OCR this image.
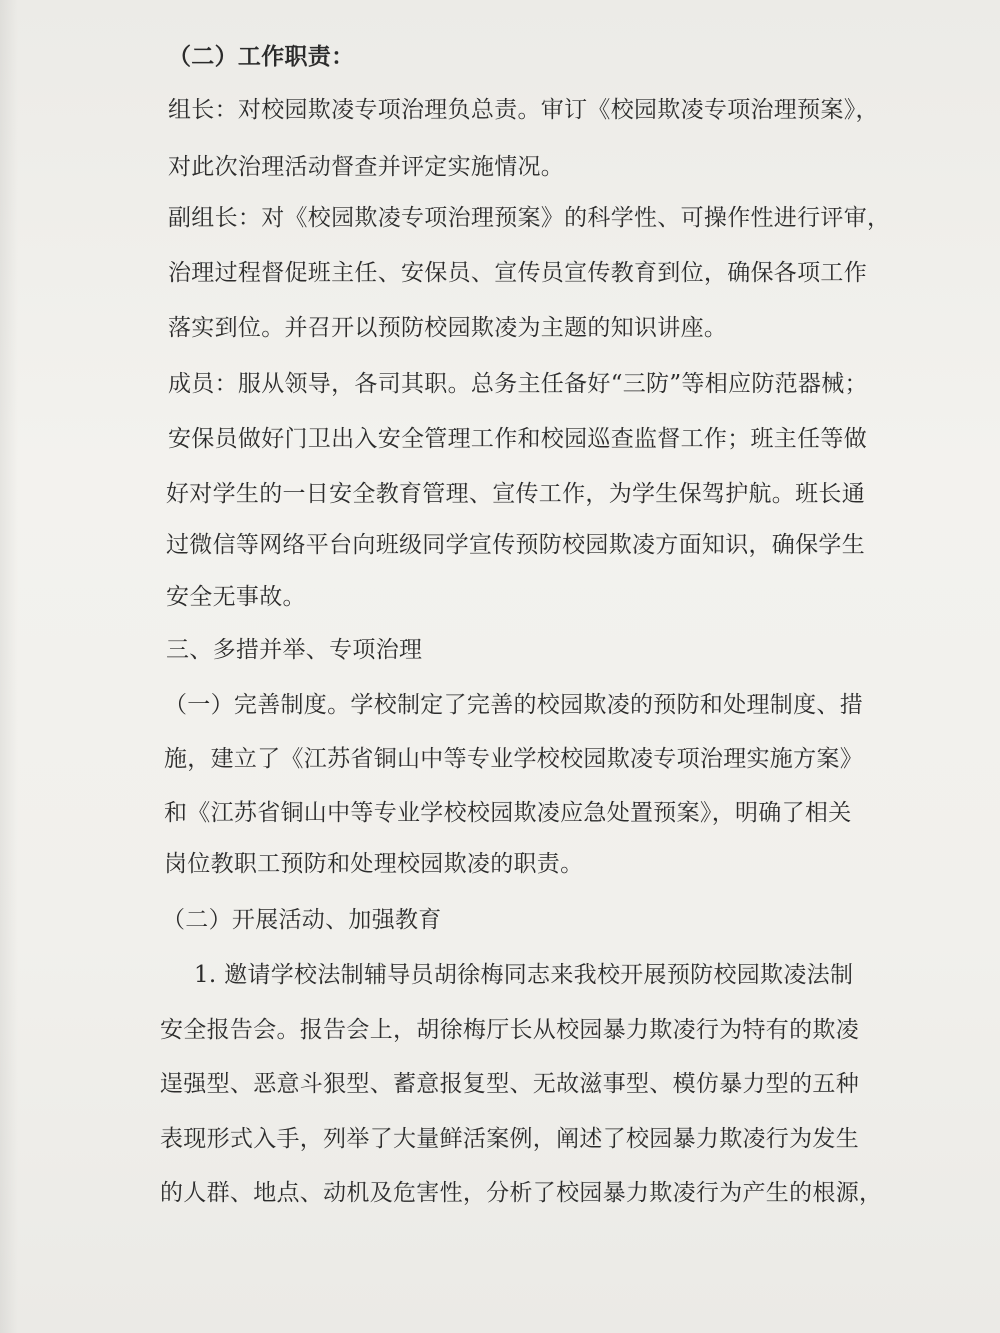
（二）工作职责：
组长：对校园欺凌专项治理负总责。审订《校园欺凌专项治理预案》，
对此次治理活动督查并评定实施情况。
副组长：对《校园欺凌专项治理预案》的科学性、可操作性进行评审，
治理过程督促班主任、安保员、宣传员宣传教育到位，确保各项工作
落实到位。并召开以预防校园欺凌为主题的知识讲座。
成员：服从领导，各司其职。总务主任备好“三防”等相应防范器械；
安保员做好门卫出入安全管理工作和校园巡查监督工作；班主任等做
好对学生的一日安全教育管理、宣传工作，为学生保驾护航。班长通
过微信等网络平台向班级同学宣传预防校园欺凌方面知识，确保学生
安全无事故。
三、多措并举、专项治理
（一）完善制度。学校制定了完善的校园欺凌的预防和处理制度、措
施，建立了《江苏省铜山中等专业学校校园欺凌专项治理实施方案》
和《江苏省铜山中等专业学校校园欺凌应急处置预案》，明确了相关
岗位教职工预防和处理校园欺凌的职责。
（二）开展活动、加强教育
1. 邀请学校法制辅导员胡徐梅同志来我校开展预防校园欺凌法制
安全报告会。报告会上，胡徐梅厅长从校园暴力欺凌行为特有的欺凌
逞强型、恶意斗狠型、蓄意报复型、无故滋事型、模仿暴力型的五种
表现形式入手，列举了大量鲜活案例，阐述了校园暴力欺凌行为发生
的人群、地点、动机及危害性，分析了校园暴力欺凌行为产生的根源，
